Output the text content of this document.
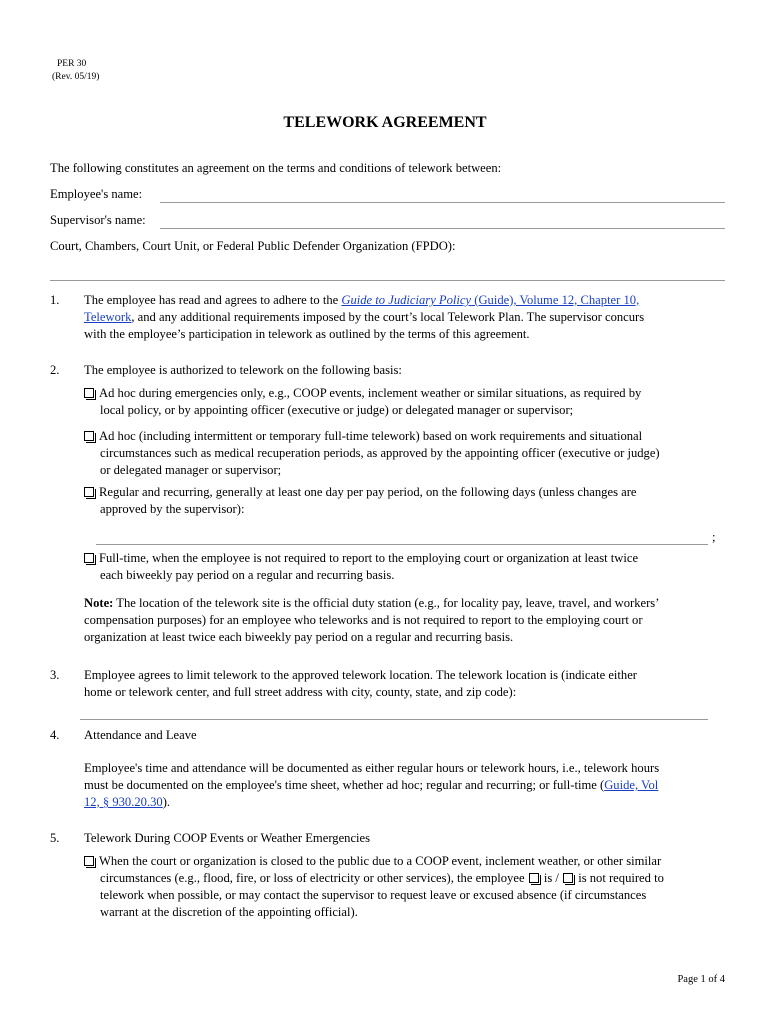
PER 30
(Rev. 05/19)
TELEWORK AGREEMENT
The following constitutes an agreement on the terms and conditions of telework between:
Employee's name:
Supervisor's name:
Court, Chambers, Court Unit, or Federal Public Defender Organization (FPDO):
1.	The employee has read and agrees to adhere to the Guide to Judiciary Policy (Guide), Volume 12, Chapter 10,
Telework, and any additional requirements imposed by the court’s local Telework Plan. The supervisor concurs
with the employee’s participation in telework as outlined by the terms of this agreement.
2.	The employee is authorized to telework on the following basis:
Ad hoc during emergencies only, e.g., COOP events, inclement weather or similar situations, as required by
local policy, or by appointing officer (executive or judge) or delegated manager or supervisor;
Ad hoc (including intermittent or temporary full-time telework) based on work requirements and situational
circumstances such as medical recuperation periods, as approved by the appointing officer (executive or judge)
or delegated manager or supervisor;
Regular and recurring, generally at least one day per pay period, on the following days (unless changes are
approved by the supervisor):
;
Full-time, when the employee is not required to report to the employing court or organization at least twice
each biweekly pay period on a regular and recurring basis.
Note: The location of the telework site is the official duty station (e.g., for locality pay, leave, travel, and workers’
compensation purposes) for an employee who teleworks and is not required to report to the employing court or
organization at least twice each biweekly pay period on a regular and recurring basis.
3.	Employee agrees to limit telework to the approved telework location. The telework location is (indicate either
home or telework center, and full street address with city, county, state, and zip code):
4.	Attendance and Leave
Employee's time and attendance will be documented as either regular hours or telework hours, i.e., telework hours
must be documented on the employee's time sheet, whether ad hoc; regular and recurring; or full-time (Guide, Vol
12, § 930.20.30).
5.	Telework During COOP Events or Weather Emergencies
When the court or organization is closed to the public due to a COOP event, inclement weather, or other similar
circumstances (e.g., flood, fire, or loss of electricity or other services), the employee  is /  is not required to
telework when possible, or may contact the supervisor to request leave or excused absence (if circumstances
warrant at the discretion of the appointing official).
Page 1 of 4
